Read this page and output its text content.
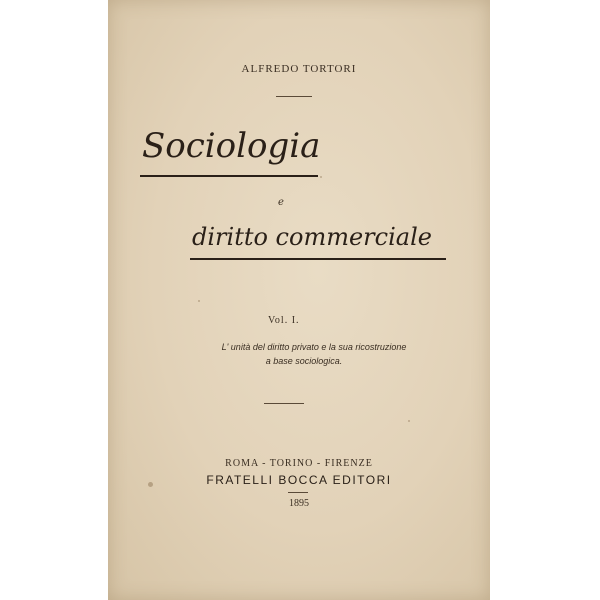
ALFREDO TORTORI
Sociologia
e
diritto commerciale
Vol. I.
L' unità del diritto privato e la sua ricostruzione
a base sociologica.
ROMA - TORINO - FIRENZE
FRATELLI BOCCA EDITORI
1895
